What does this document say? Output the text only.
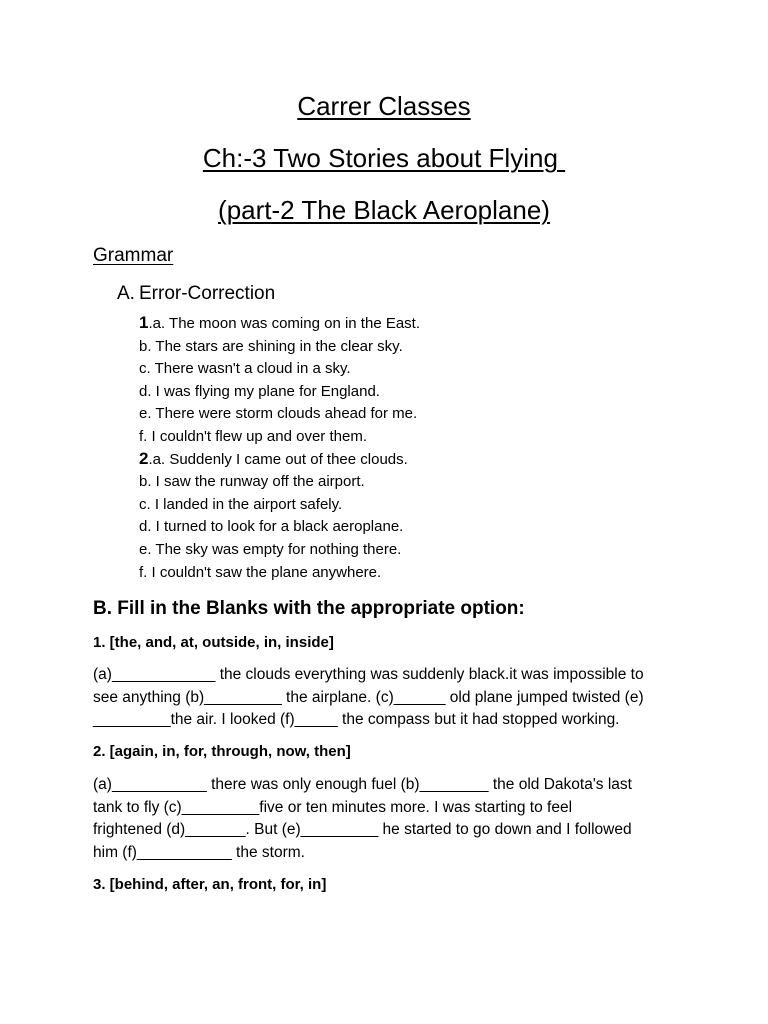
Carrer Classes
Ch:-3 Two Stories about Flying
(part-2 The Black Aeroplane)
Grammar
A. Error-Correction
1.a. The moon was coming on in the East.
b. The stars are shining in the clear sky.
c. There wasn't a cloud in a sky.
d. I was flying my plane for England.
e. There were storm clouds ahead for me.
f. I couldn't flew up and over them.
2.a. Suddenly I came out of thee clouds.
b. I saw the runway off the airport.
c. I landed in the airport safely.
d. I turned to look for a black aeroplane.
e. The sky was empty for nothing there.
f. I couldn't saw the plane anywhere.
B. Fill in the Blanks with the appropriate option:
1. [the, and, at, outside, in, inside]
(a)____________ the clouds everything was suddenly black.it was impossible to
see anything (b)_________ the airplane. (c)______ old plane jumped twisted (e)
_________the air. I looked (f)_____ the compass but it had stopped working.
2. [again, in, for, through, now, then]
(a)___________ there was only enough fuel (b)________ the old Dakota's last
tank to fly (c)_________five or ten minutes more. I was starting to feel
frightened (d)_______. But (e)_________ he started to go down and I followed
him (f)___________ the storm.
3. [behind, after, an, front, for, in]
